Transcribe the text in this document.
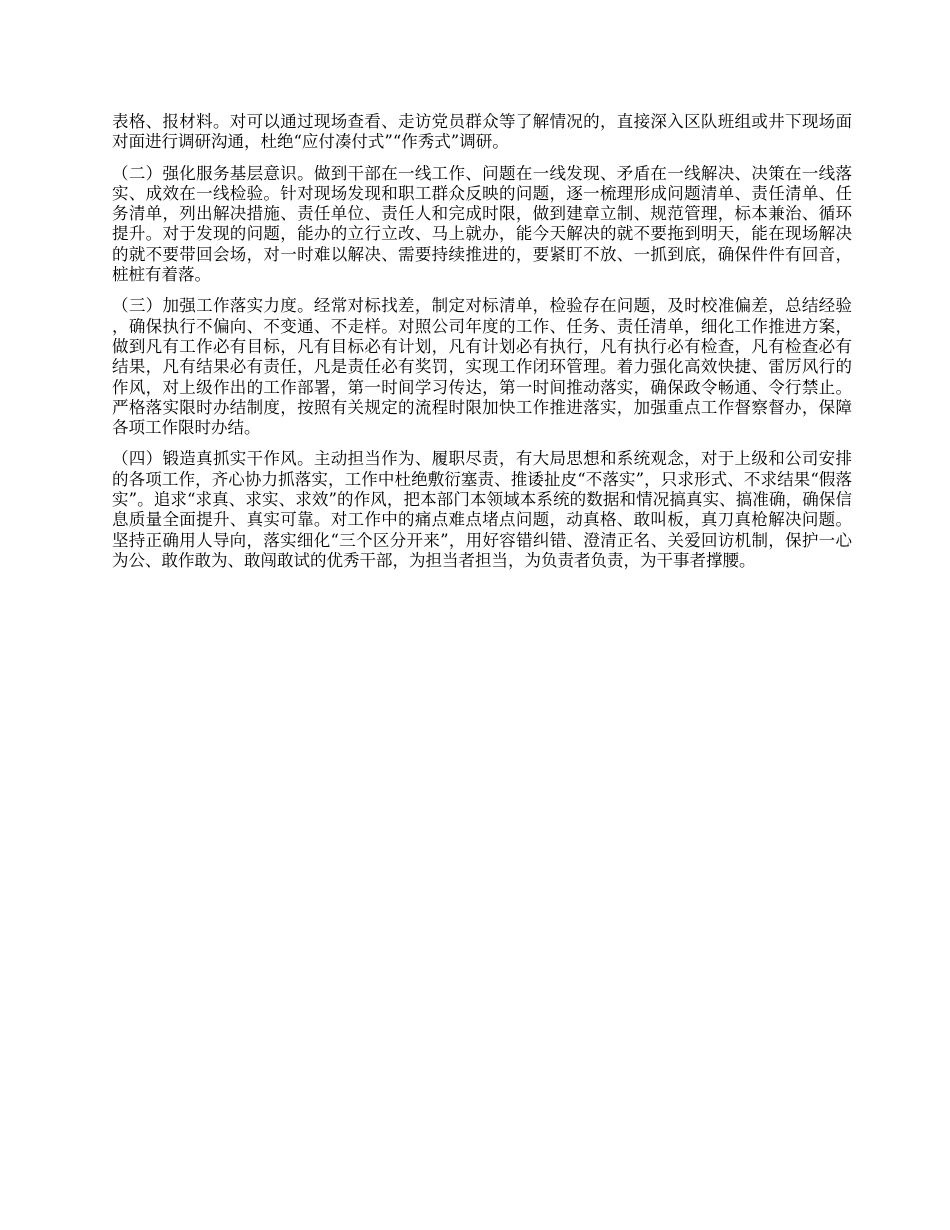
表格、报材料。对可以通过现场查看、走访党员群众等了解情况的，直接深入区队班组或井下现场面对面进行调研沟通，杜绝“应付凑付式”“作秀式”调研。

（二）强化服务基层意识。做到干部在一线工作、问题在一线发现、矛盾在一线解决、决策在一线落实、成效在一线检验。针对现场发现和职工群众反映的问题，逐一梳理形成问题清单、责任清单、任务清单，列出解决措施、责任单位、责任人和完成时限，做到建章立制、规范管理，标本兼治、循环提升。对于发现的问题，能办的立行立改、马上就办，能今天解决的就不要拖到明天，能在现场解决的就不要带回会场，对一时难以解决、需要持续推进的，要紧盯不放、一抓到底，确保件件有回音，桩桩有着落。

（三）加强工作落实力度。经常对标找差，制定对标清单，检验存在问题，及时校准偏差，总结经验，确保执行不偏向、不变通、不走样。对照公司年度的工作、任务、责任清单，细化工作推进方案，做到凡有工作必有目标，凡有目标必有计划，凡有计划必有执行，凡有执行必有检查，凡有检查必有结果，凡有结果必有责任，凡是责任必有奖罚，实现工作闭环管理。着力强化高效快捷、雷厉风行的作风，对上级作出的工作部署，第一时间学习传达，第一时间推动落实，确保政令畅通、令行禁止。严格落实限时办结制度，按照有关规定的流程时限加快工作推进落实，加强重点工作督察督办，保障各项工作限时办结。

（四）锻造真抓实干作风。主动担当作为、履职尽责，有大局思想和系统观念，对于上级和公司安排的各项工作，齐心协力抓落实，工作中杜绝敷衍塞责、推诿扯皮“不落实”，只求形式、不求结果“假落实”。追求“求真、求实、求效”的作风，把本部门本领域本系统的数据和情况搞真实、搞准确，确保信息质量全面提升、真实可靠。对工作中的痛点难点堵点问题，动真格、敢叫板，真刀真枪解决问题。坚持正确用人导向，落实细化“三个区分开来”，用好容错纠错、澄清正名、关爱回访机制，保护一心为公、敢作敢为、敢闯敢试的优秀干部，为担当者担当，为负责者负责，为干事者撑腰。
